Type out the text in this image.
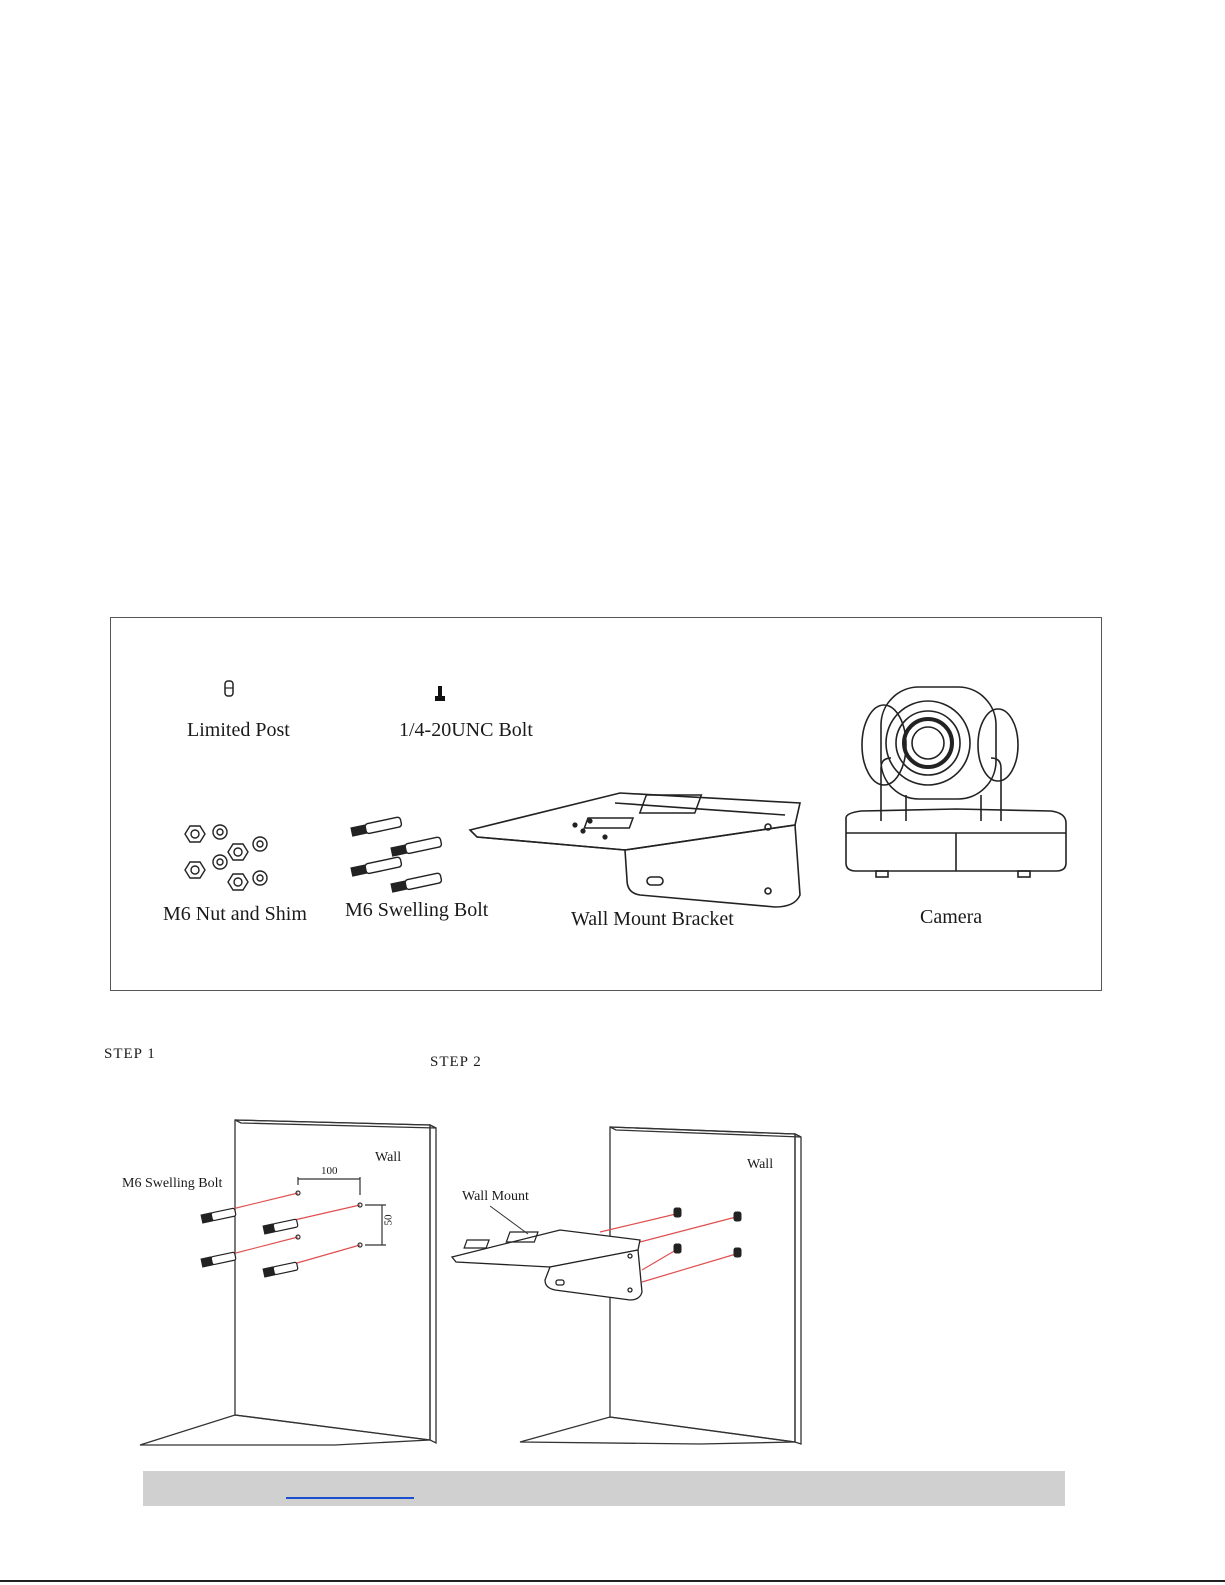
Limited Post	1/4-20UNC Bolt
M6 Nut and Shim M6 Swelling Bolt	Wall Mount Bracket	Camera
STEP 1
Wall
M6 Swelling Bolt
100
50
STEP 2
Wall
Wall Mount
